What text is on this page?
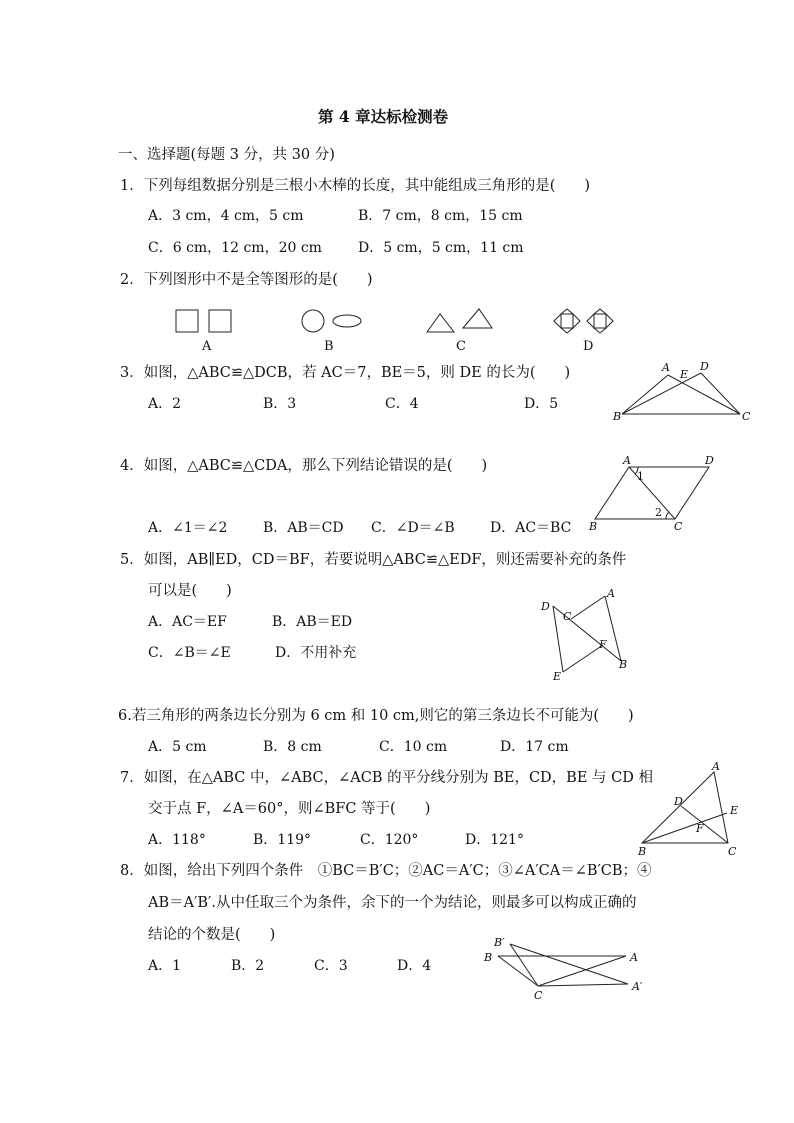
第 4 章达标检测卷
一、选择题(每题 3 分，共 30 分)
1．下列每组数据分别是三根小木棒的长度，其中能组成三角形的是(　　)
A．3 cm，4 cm，5 cm	B．7 cm，8 cm，15 cm
C．6 cm，12 cm，20 cm	D．5 cm，5 cm，11 cm
2．下列图形中不是全等图形的是(　　)
A	B	C	D
3．如图，△ABC≌△DCB，若 AC＝7，BE＝5，则 DE 的长为(　　)
A．2	B．3	C．4	D．5
A
E
D
B	C
4．如图，△ABC≌△CDA，那么下列结论错误的是(　　)
A．∠1＝∠2	B．AB＝CD C．∠D＝∠B	D．AC＝BC
A	D
1
2
B	C
5．如图，AB∥ED，CD＝BF，若要说明△ABC≌△EDF，则还需要补充的条件
可以是(　　)
A．AC＝EF	B．AB＝ED
C．∠B＝∠E	D．不用补充
D
C
A
F
E
B
6.若三角形的两条边长分别为 6 cm 和 10 cm,则它的第三条边长不可能为(　　)
A．5 cm	B．8 cm	C．10 cm	D．17 cm
7．如图，在△ABC 中，∠ABC，∠ACB 的平分线分别为 BE，CD，BE 与 CD 相
交于点 F，∠A＝60°，则∠BFC 等于(　　)
A．118°	B．119°	C．120°	D．121°
A
D
E
F
B	C
8．如图，给出下列四个条件　①BC＝B′C；②AC＝A′C；③∠A′CA＝∠B′CB；④
AB＝A′B′.从中任取三个为条件，余下的一个为结论，则最多可以构成正确的
结论的个数是(　　)
A．1	B．2	C．3	D．4
B′
B	A
C
A′
